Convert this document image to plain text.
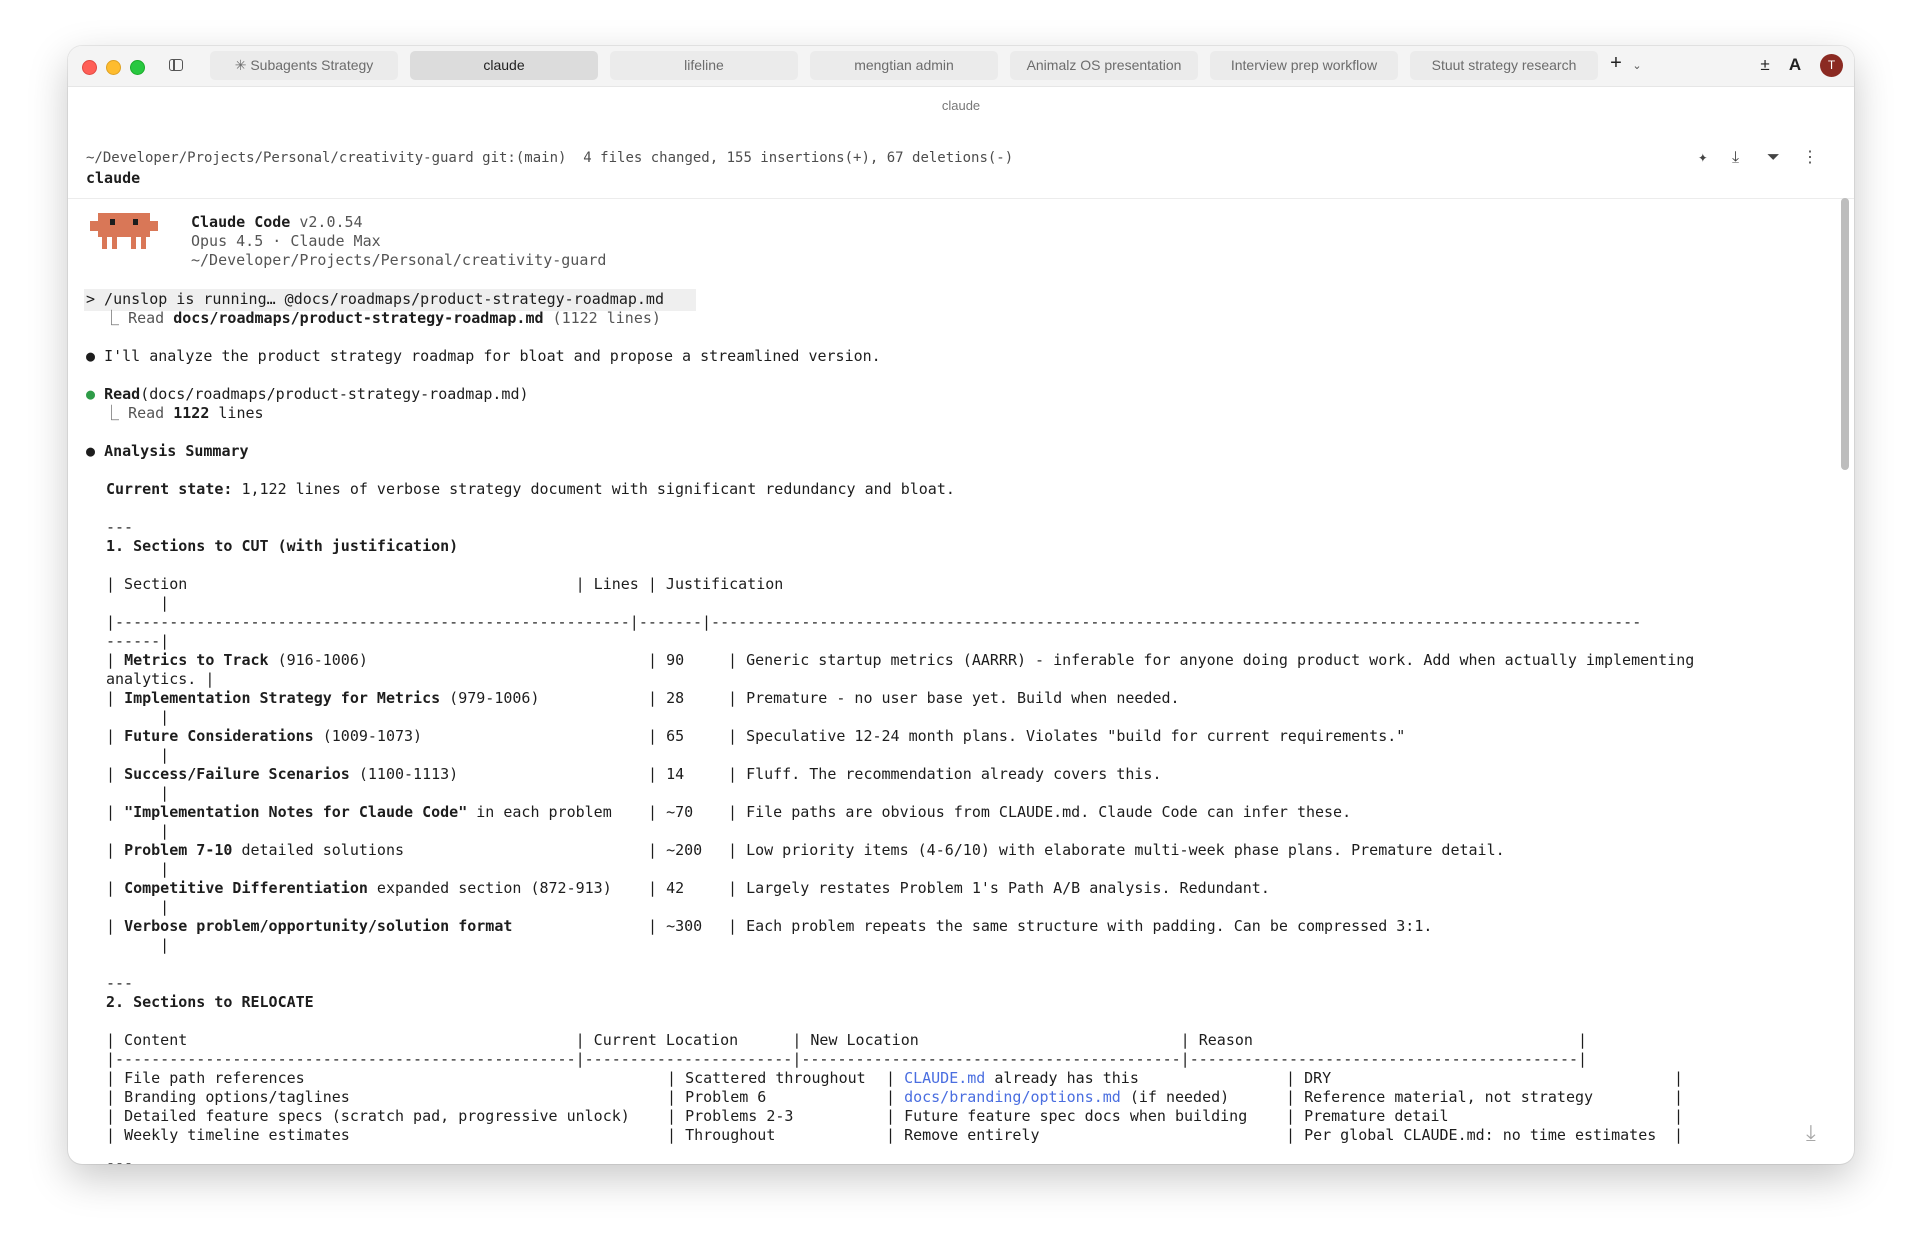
✳ Subagents Strategy	claude	lifeline	mengtian admin	Animalz OS presentation	Interview prep workflow	Stuut strategy research	+ ⌄	± A	T
claude
~/Developer/Projects/Personal/creativity-guard git:(main)  4 files changed, 155 insertions(+), 67 deletions(-)
claude
✦ ⤓ ⏷ ⋮
Claude Code v2.0.54
Opus 4.5 · Claude Max
~/Developer/Projects/Personal/creativity-guard
> /unslop is running… @docs/roadmaps/product-strategy-roadmap.md
⎿ Read docs/roadmaps/product-strategy-roadmap.md (1122 lines)
● I'll analyze the product strategy roadmap for bloat and propose a streamlined version.
● Read(docs/roadmaps/product-strategy-roadmap.md)
⎿ Read 1122 lines
● Analysis Summary
Current state: 1,122 lines of verbose strategy document with significant redundancy and bloat.
---
1. Sections to CUT (with justification)
| Section                                           | Lines | Justification
|
|---------------------------------------------------------|-------|-------------------------------------------------------------------------------------------------------
------|
| Metrics to Track (916-1006)	| 90	| Generic startup metrics (AARRR) - inferable for anyone doing product work. Add when actually implementing
analytics. |
| Implementation Strategy for Metrics (979-1006)	| 28	| Premature - no user base yet. Build when needed.
|
| Future Considerations (1009-1073)	| 65	| Speculative 12-24 month plans. Violates "build for current requirements."
|
| Success/Failure Scenarios (1100-1113)	| 14	| Fluff. The recommendation already covers this.
|
| "Implementation Notes for Claude Code" in each problem | ~70 | File paths are obvious from CLAUDE.md. Claude Code can infer these.
|
| Problem 7-10 detailed solutions	| ~200 | Low priority items (4-6/10) with elaborate multi-week phase plans. Premature detail.
|
| Competitive Differentiation expanded section (872-913) | 42	| Largely restates Problem 1's Path A/B analysis. Redundant.
|
| Verbose problem/opportunity/solution format	| ~300 | Each problem repeats the same structure with padding. Can be compressed 3:1.
|
---
2. Sections to RELOCATE
| Content                                           | Current Location      | New Location                             | Reason                                    |
|---------------------------------------------------|-----------------------|------------------------------------------|-------------------------------------------|
| File path references	| Scattered throughout | CLAUDE.md already has this	| DRY	|
| Branding options/taglines	| Problem 6	| docs/branding/options.md (if needed)	| Reference material, not strategy	|
| Detailed feature specs (scratch pad, progressive unlock) | Problems 2-3	| Future feature spec docs when building	| Premature detail	|
| Weekly timeline estimates	| Throughout	| Remove entirely	| Per global CLAUDE.md: no time estimates |
---
⤓
